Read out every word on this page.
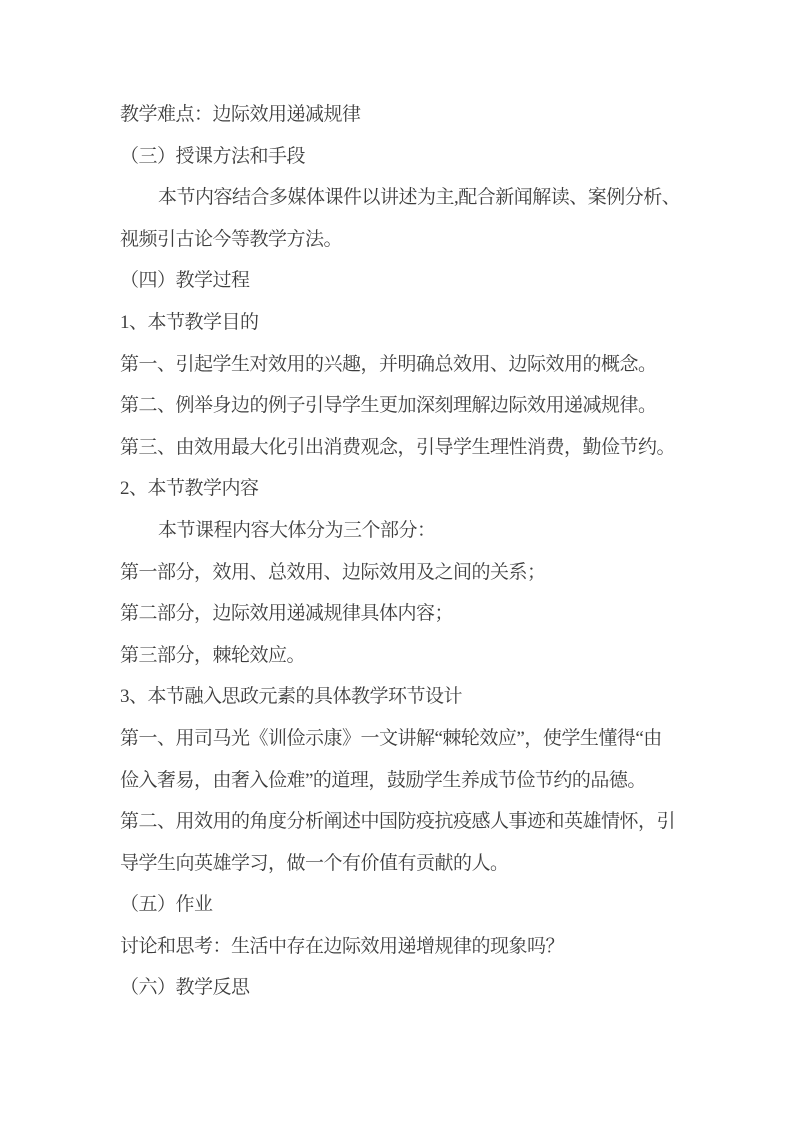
教学难点：边际效用递减规律
（三）授课方法和手段
本节内容结合多媒体课件以讲述为主,配合新闻解读、案例分析、
视频引古论今等教学方法。
（四）教学过程
1、本节教学目的
第一、引起学生对效用的兴趣，并明确总效用、边际效用的概念。
第二、例举身边的例子引导学生更加深刻理解边际效用递减规律。
第三、由效用最大化引出消费观念，引导学生理性消费，勤俭节约。
2、本节教学内容
本节课程内容大体分为三个部分：
第一部分，效用、总效用、边际效用及之间的关系；
第二部分，边际效用递减规律具体内容；
第三部分，棘轮效应。
3、本节融入思政元素的具体教学环节设计
第一、用司马光《训俭示康》一文讲解“棘轮效应”，使学生懂得“由
俭入奢易，由奢入俭难”的道理，鼓励学生养成节俭节约的品德。
第二、用效用的角度分析阐述中国防疫抗疫感人事迹和英雄情怀，引
导学生向英雄学习，做一个有价值有贡献的人。
（五）作业
讨论和思考：生活中存在边际效用递增规律的现象吗？
（六）教学反思
